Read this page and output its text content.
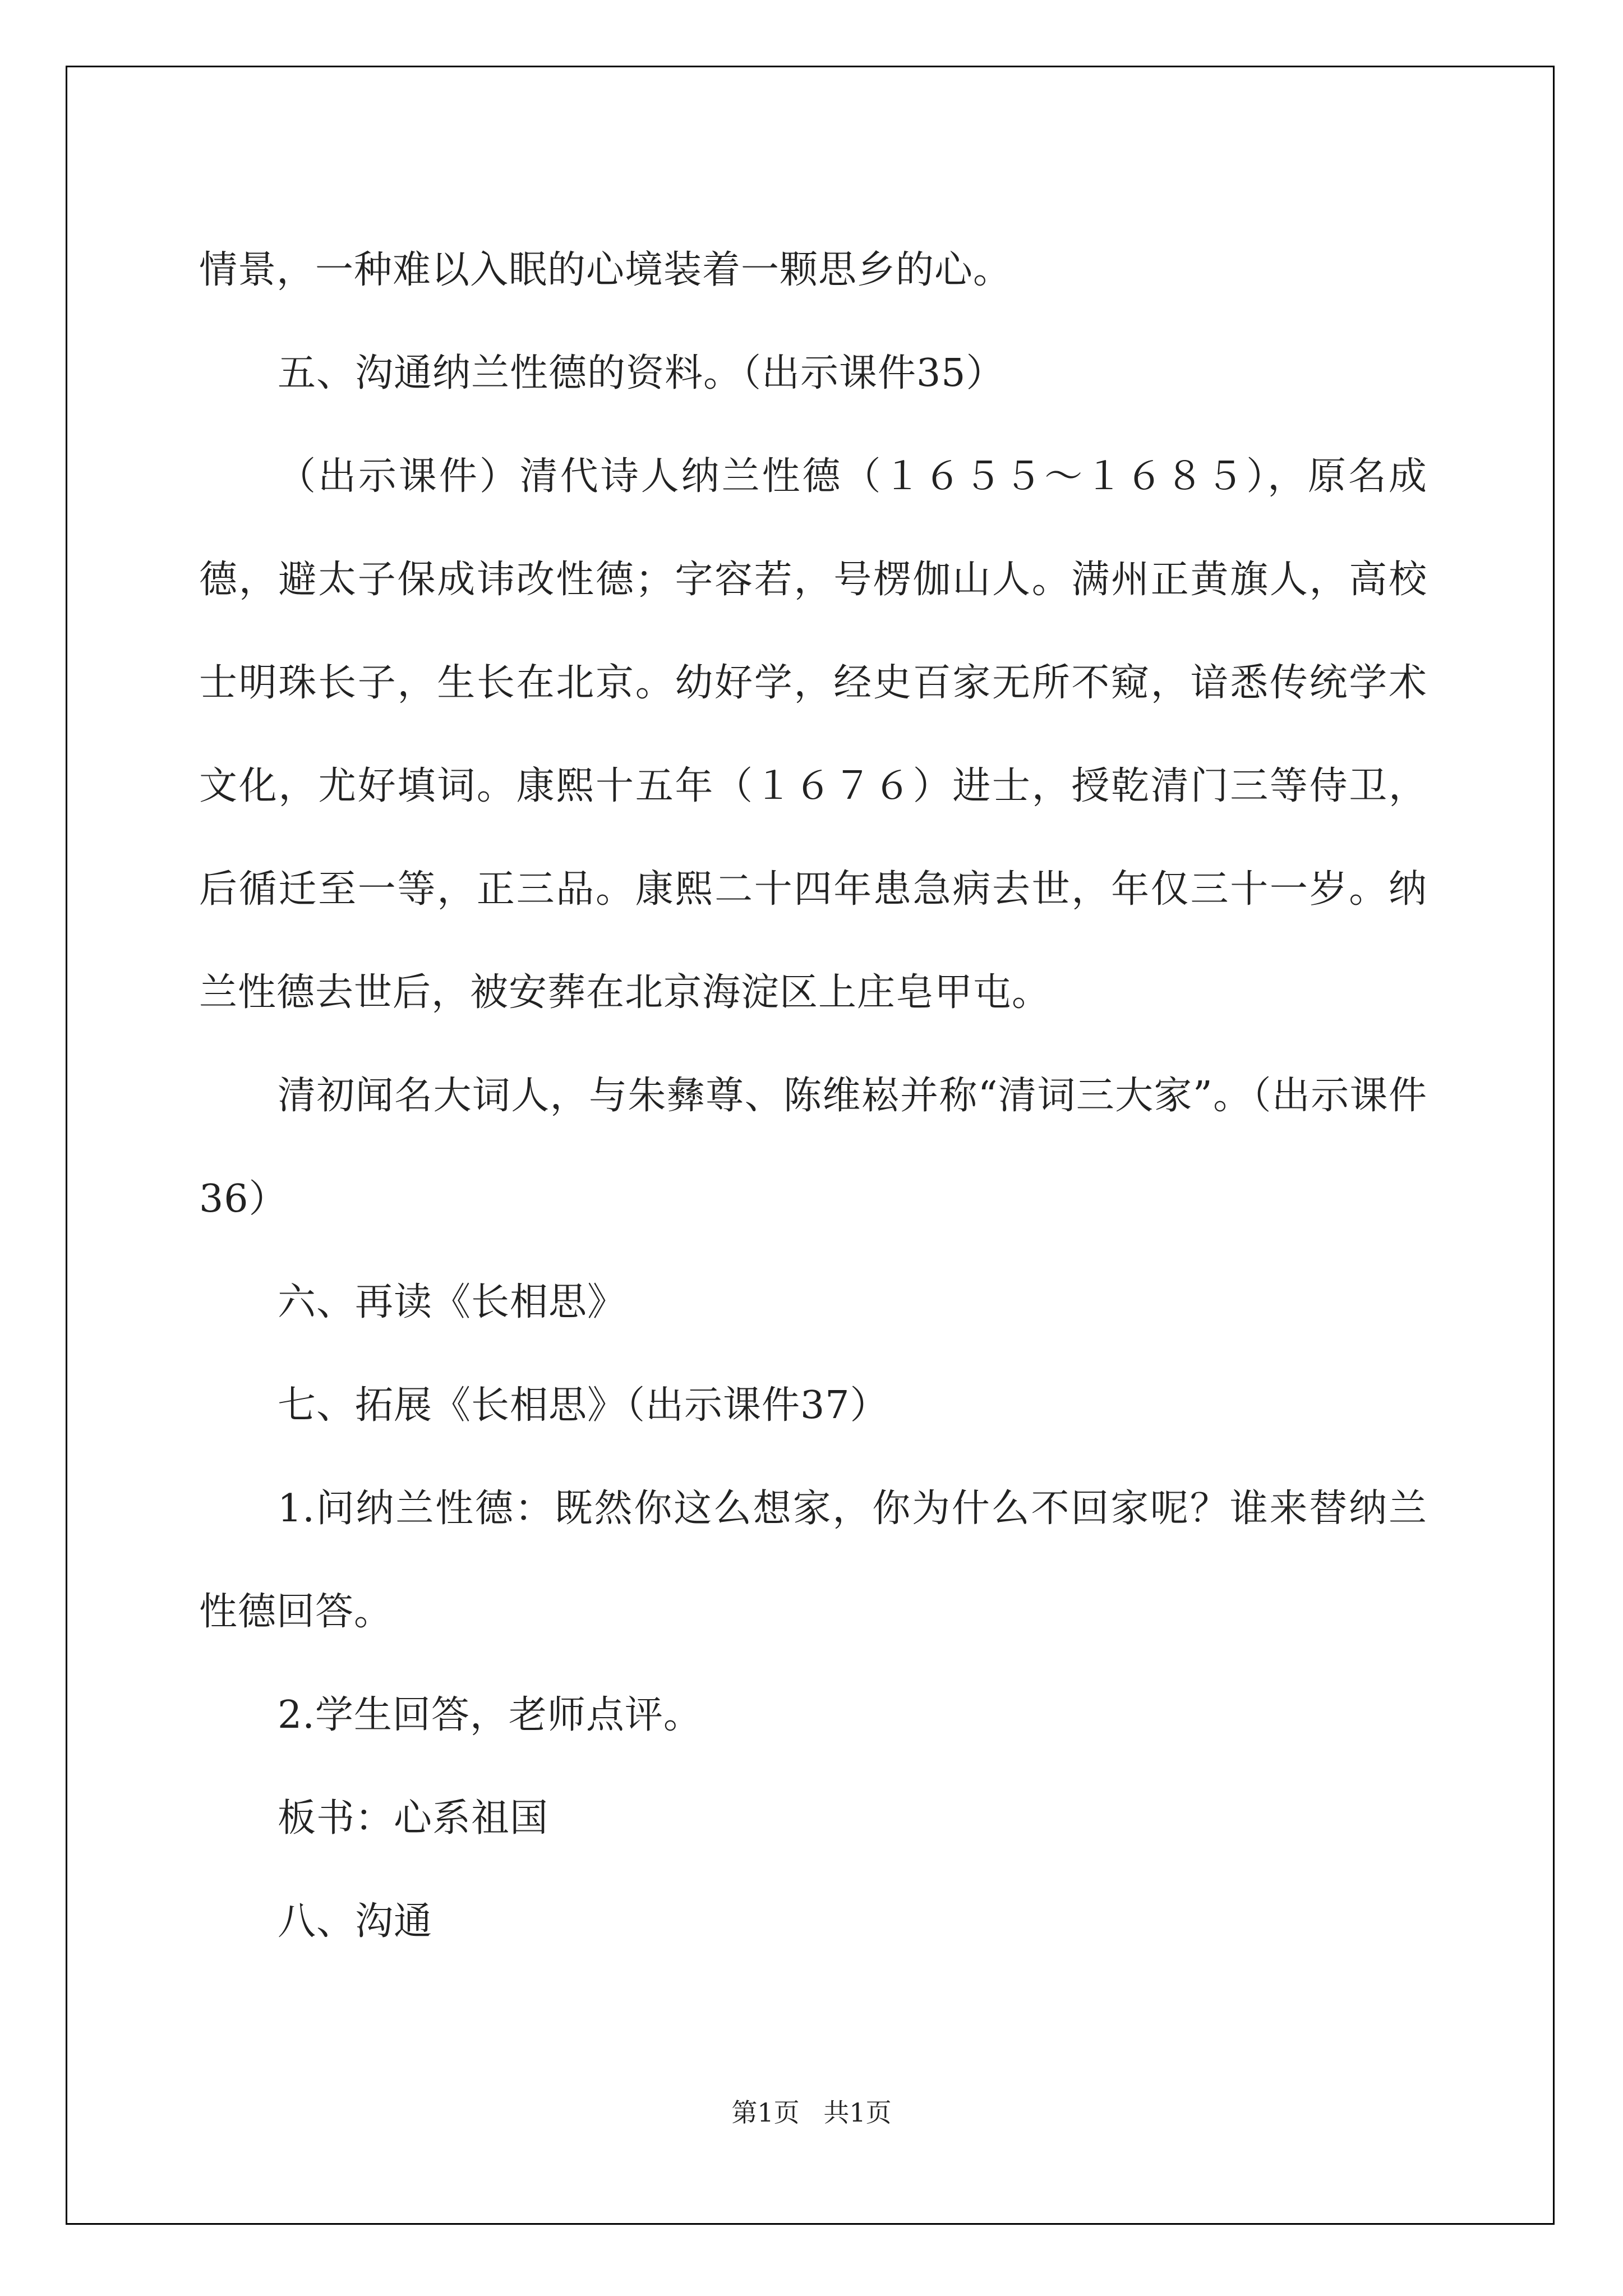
情景，一种难以入眠的心境装着一颗思乡的心。

五、沟通纳兰性德的资料。（出示课件35）

（出示课件）清代诗人纳兰性德（１６５５～１６８５），原名成德，避太子保成讳改性德；字容若，号楞伽山人。满州正黄旗人，高校士明珠长子，生长在北京。幼好学，经史百家无所不窥，谙悉传统学术文化，尤好填词。康熙十五年（１６７６）进士，授乾清门三等侍卫，后循迁至一等，正三品。康熙二十四年患急病去世，年仅三十一岁。纳兰性德去世后，被安葬在北京海淀区上庄皂甲屯。

清初闻名大词人，与朱彝尊、陈维崧并称“清词三大家”。（出示课件36）

六、再读《长相思》

七、拓展《长相思》（出示课件37）

1.问纳兰性德：既然你这么想家，你为什么不回家呢？谁来替纳兰性德回答。

2.学生回答，老师点评。

板书：心系祖国

八、沟通

第1页 共1页
